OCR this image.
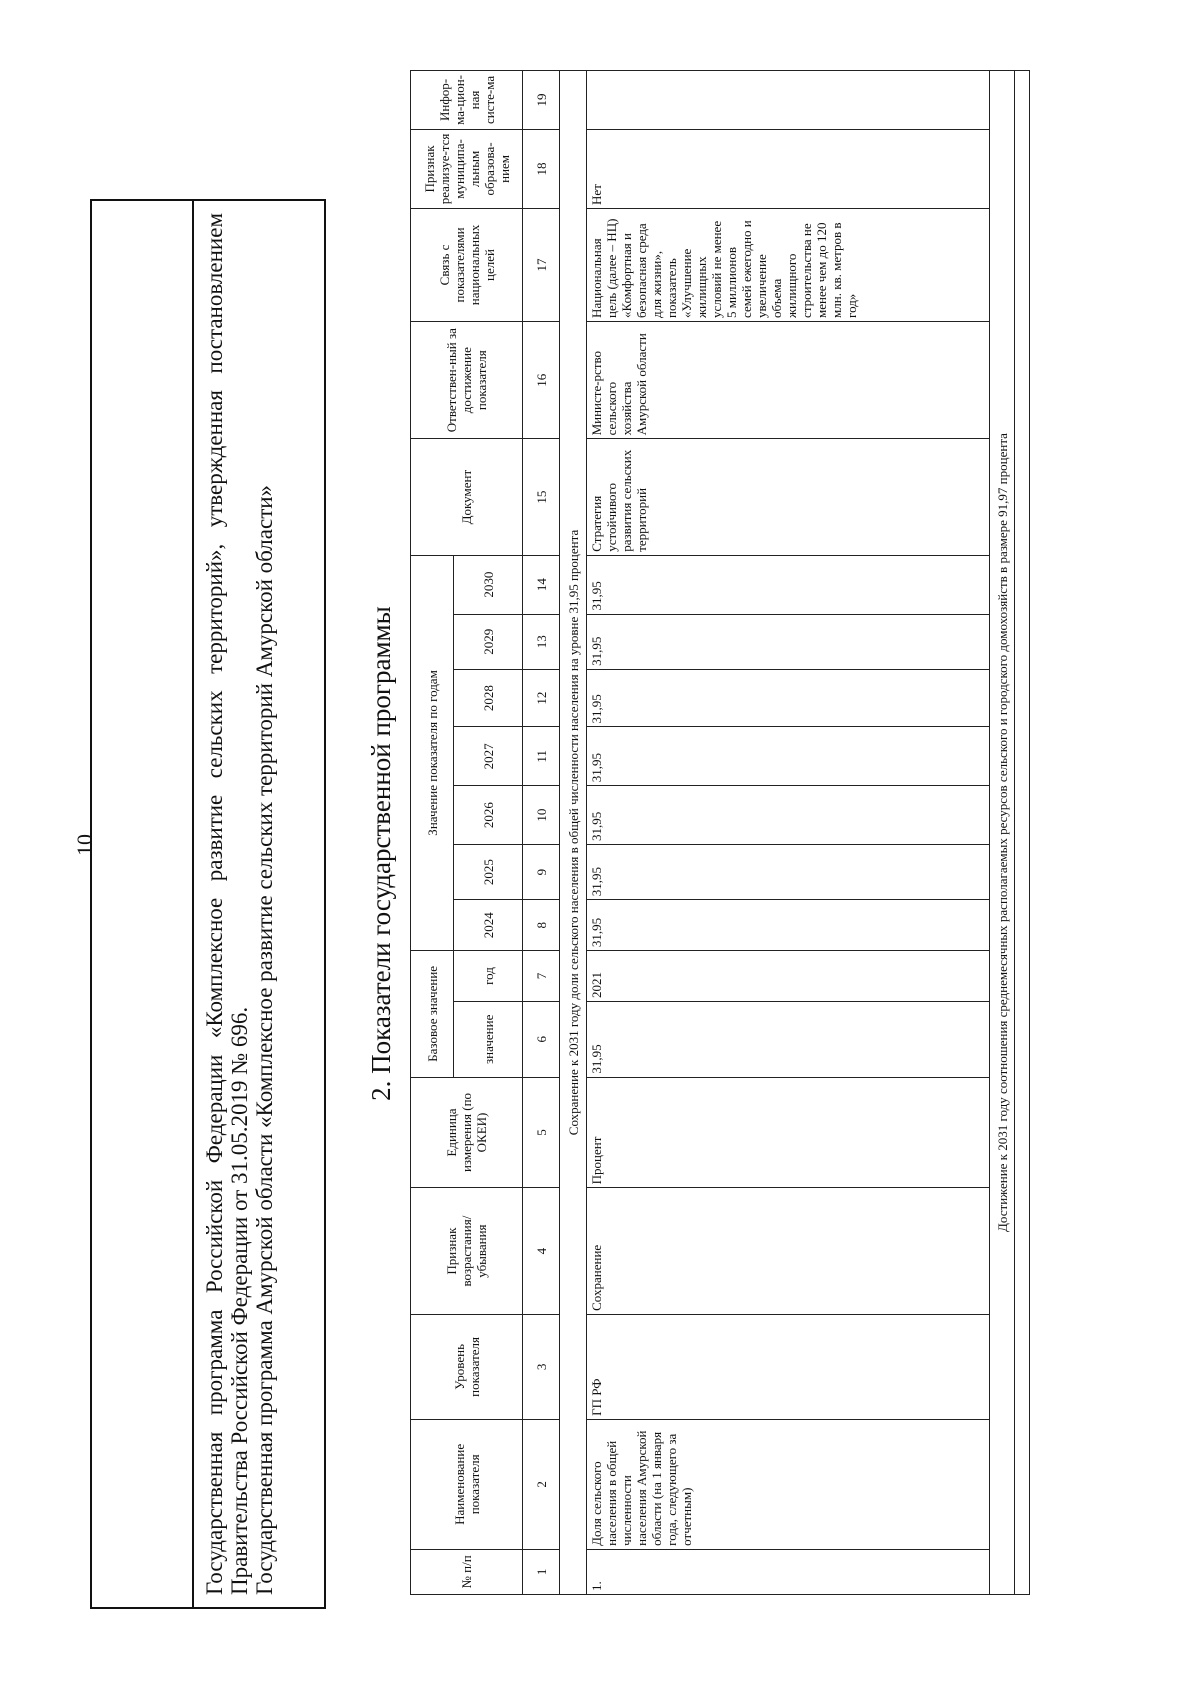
10	Государственная программа Российской Федерации «Комплексное развитие сельских территорий», утвержденная постановлением Правительства Российской Федерации от 31.05.2019 № 696. Государственная программа Амурской области «Комплексное развитие сельских территорий Амурской области»	2. Показатели государственной программы
№ п/п	Наименование показателя	Уровень показателя	Признак возрастания/ убывания	Единица измерения (по ОКЕИ)	Базовое значение		Значение показателя по годам							Документ	Ответствен-ный за достижение показателя	Связь с показателями национальных целей	Признак реализуе-тся муниципа-льным образова-нием	Инфор-ма-цион-ная систе-ма
					значение	год	2024	2025	2026	2027	2028	2029	2030					
1	2	3	4	5	6	7	8	9	10	11	12	13	14	15	16	17	18	19
Сохранение к 2031 году доли сельского населения в общей численности населения на уровне 31,95 процента																		
1.	Доля сельского населения в общей численности населения Амурской области (на 1 января года, следующего за отчетным)	ГП РФ	Сохранение	Процент	31,95	2021	31,95	31,95	31,95	31,95	31,95	31,95	31,95	Стратегия устойчивого развития сельских территорий	Министе-рство сельского хозяйства Амурской области	Национальная цель (далее – НЦ) «Комфортная и безопасная среда для жизни», показатель «Улучшение жилищных условий не менее 5 миллионов семей ежегодно и увеличение объема жилищного строительства не менее чем до 120 млн. кв. метров в год»	Нет	
Достижение к 2031 году соотношения среднемесячных располагаемых ресурсов сельского и городского домохозяйств в размере 91,97 процента																		
